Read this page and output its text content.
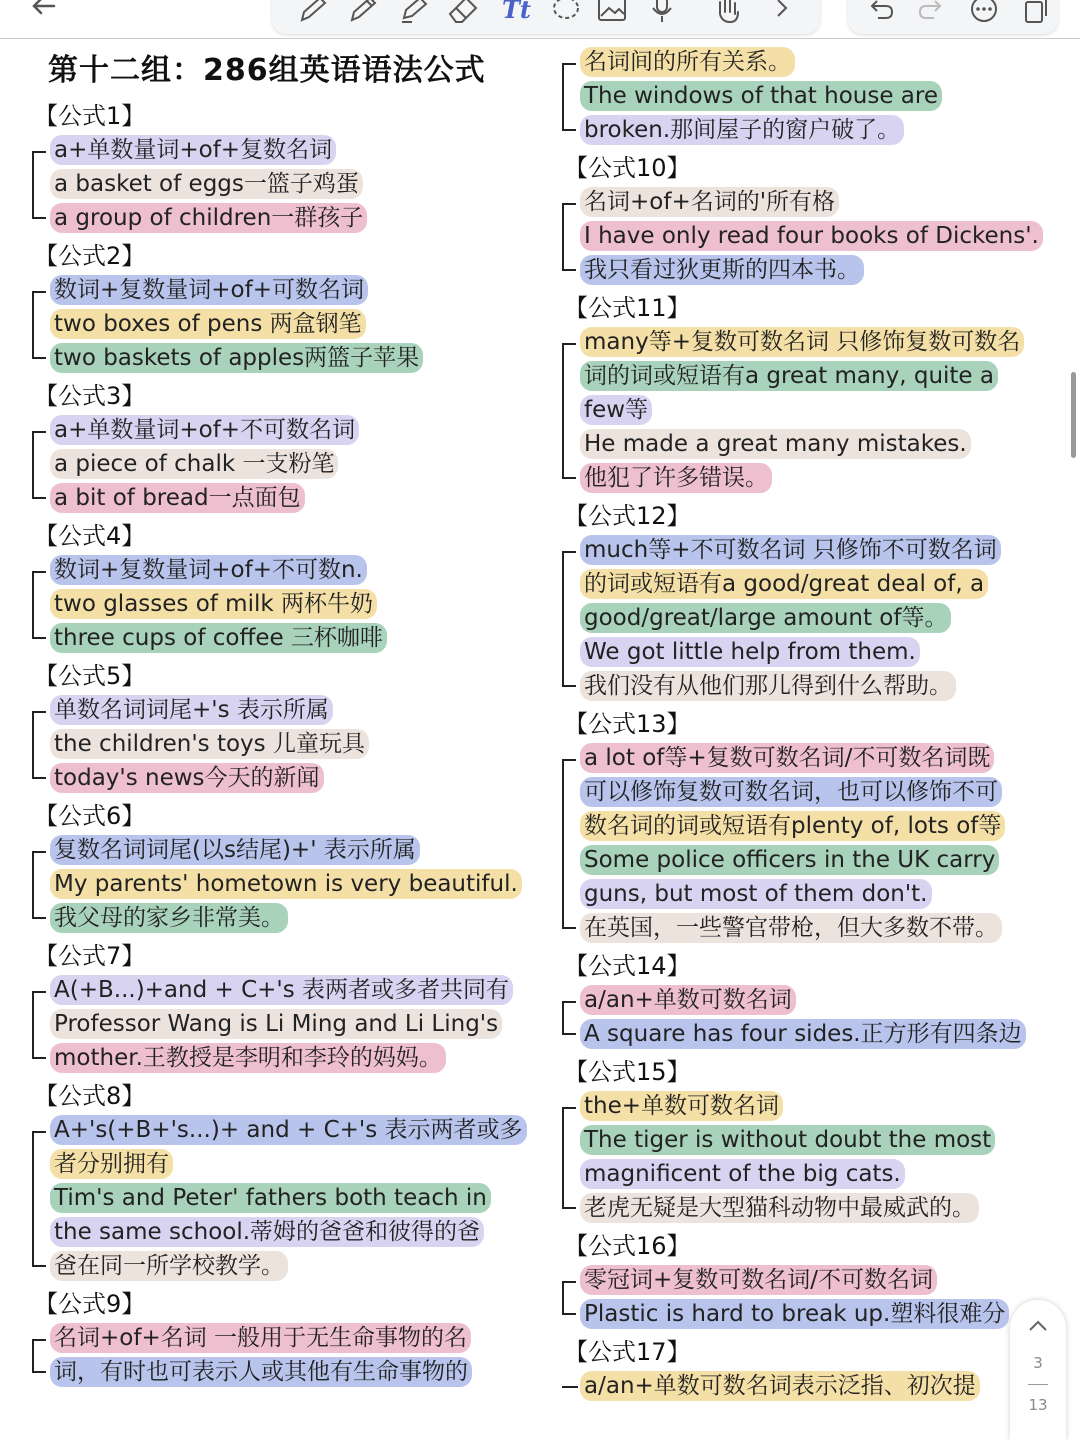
Tt
第十二组：286组英语语法公式
【公式1】
a+单数量词+of+复数名词
a basket of eggs一篮子鸡蛋
a group of children一群孩子
【公式2】
数词+复数量词+of+可数名词
two boxes of pens 两盒钢笔
two baskets of apples两篮子苹果
【公式3】
a+单数量词+of+不可数名词
a piece of chalk 一支粉笔
a bit of bread一点面包
【公式4】
数词+复数量词+of+不可数n.
two glasses of milk 两杯牛奶
three cups of coffee 三杯咖啡
【公式5】
单数名词词尾+'s 表示所属
the children's toys 儿童玩具
today's news今天的新闻
【公式6】
复数名词词尾(以s结尾)+' 表示所属
My parents' hometown is very beautiful.
我父母的家乡非常美。
【公式7】
A(+B...)+and + C+'s 表两者或多者共同有
Professor Wang is Li Ming and Li Ling's
mother.王教授是李明和李玲的妈妈。
【公式8】
A+'s(+B+'s...)+ and + C+'s 表示两者或多
者分别拥有
Tim's and Peter' fathers both teach in
the same school.蒂姆的爸爸和彼得的爸
爸在同一所学校教学。
【公式9】
名词+of+名词 一般用于无生命事物的名
词，有时也可表示人或其他有生命事物的
名词间的所有关系。
The windows of that house are
broken.那间屋子的窗户破了。
【公式10】
名词+of+名词的'所有格
I have only read four books of Dickens'.
我只看过狄更斯的四本书。
【公式11】
many等+复数可数名词 只修饰复数可数名
词的词或短语有a great many, quite a
few等
He made a great many mistakes.
他犯了许多错误。
【公式12】
much等+不可数名词 只修饰不可数名词
的词或短语有a good/great deal of, a
good/great/large amount of等。
We got little help from them.
我们没有从他们那儿得到什么帮助。
【公式13】
a lot of等+复数可数名词/不可数名词既
可以修饰复数可数名词，也可以修饰不可
数名词的词或短语有plenty of, lots of等
Some police officers in the UK carry
guns, but most of them don't.
在英国，一些警官带枪，但大多数不带。
【公式14】
a/an+单数可数名词
A square has four sides.正方形有四条边
【公式15】
the+单数可数名词
The tiger is without doubt the most
magnificent of the big cats.
老虎无疑是大型猫科动物中最威武的。
【公式16】
零冠词+复数可数名词/不可数名词
Plastic is hard to break up.塑料很难分
【公式17】
a/an+单数可数名词表示泛指、初次提
3
13
